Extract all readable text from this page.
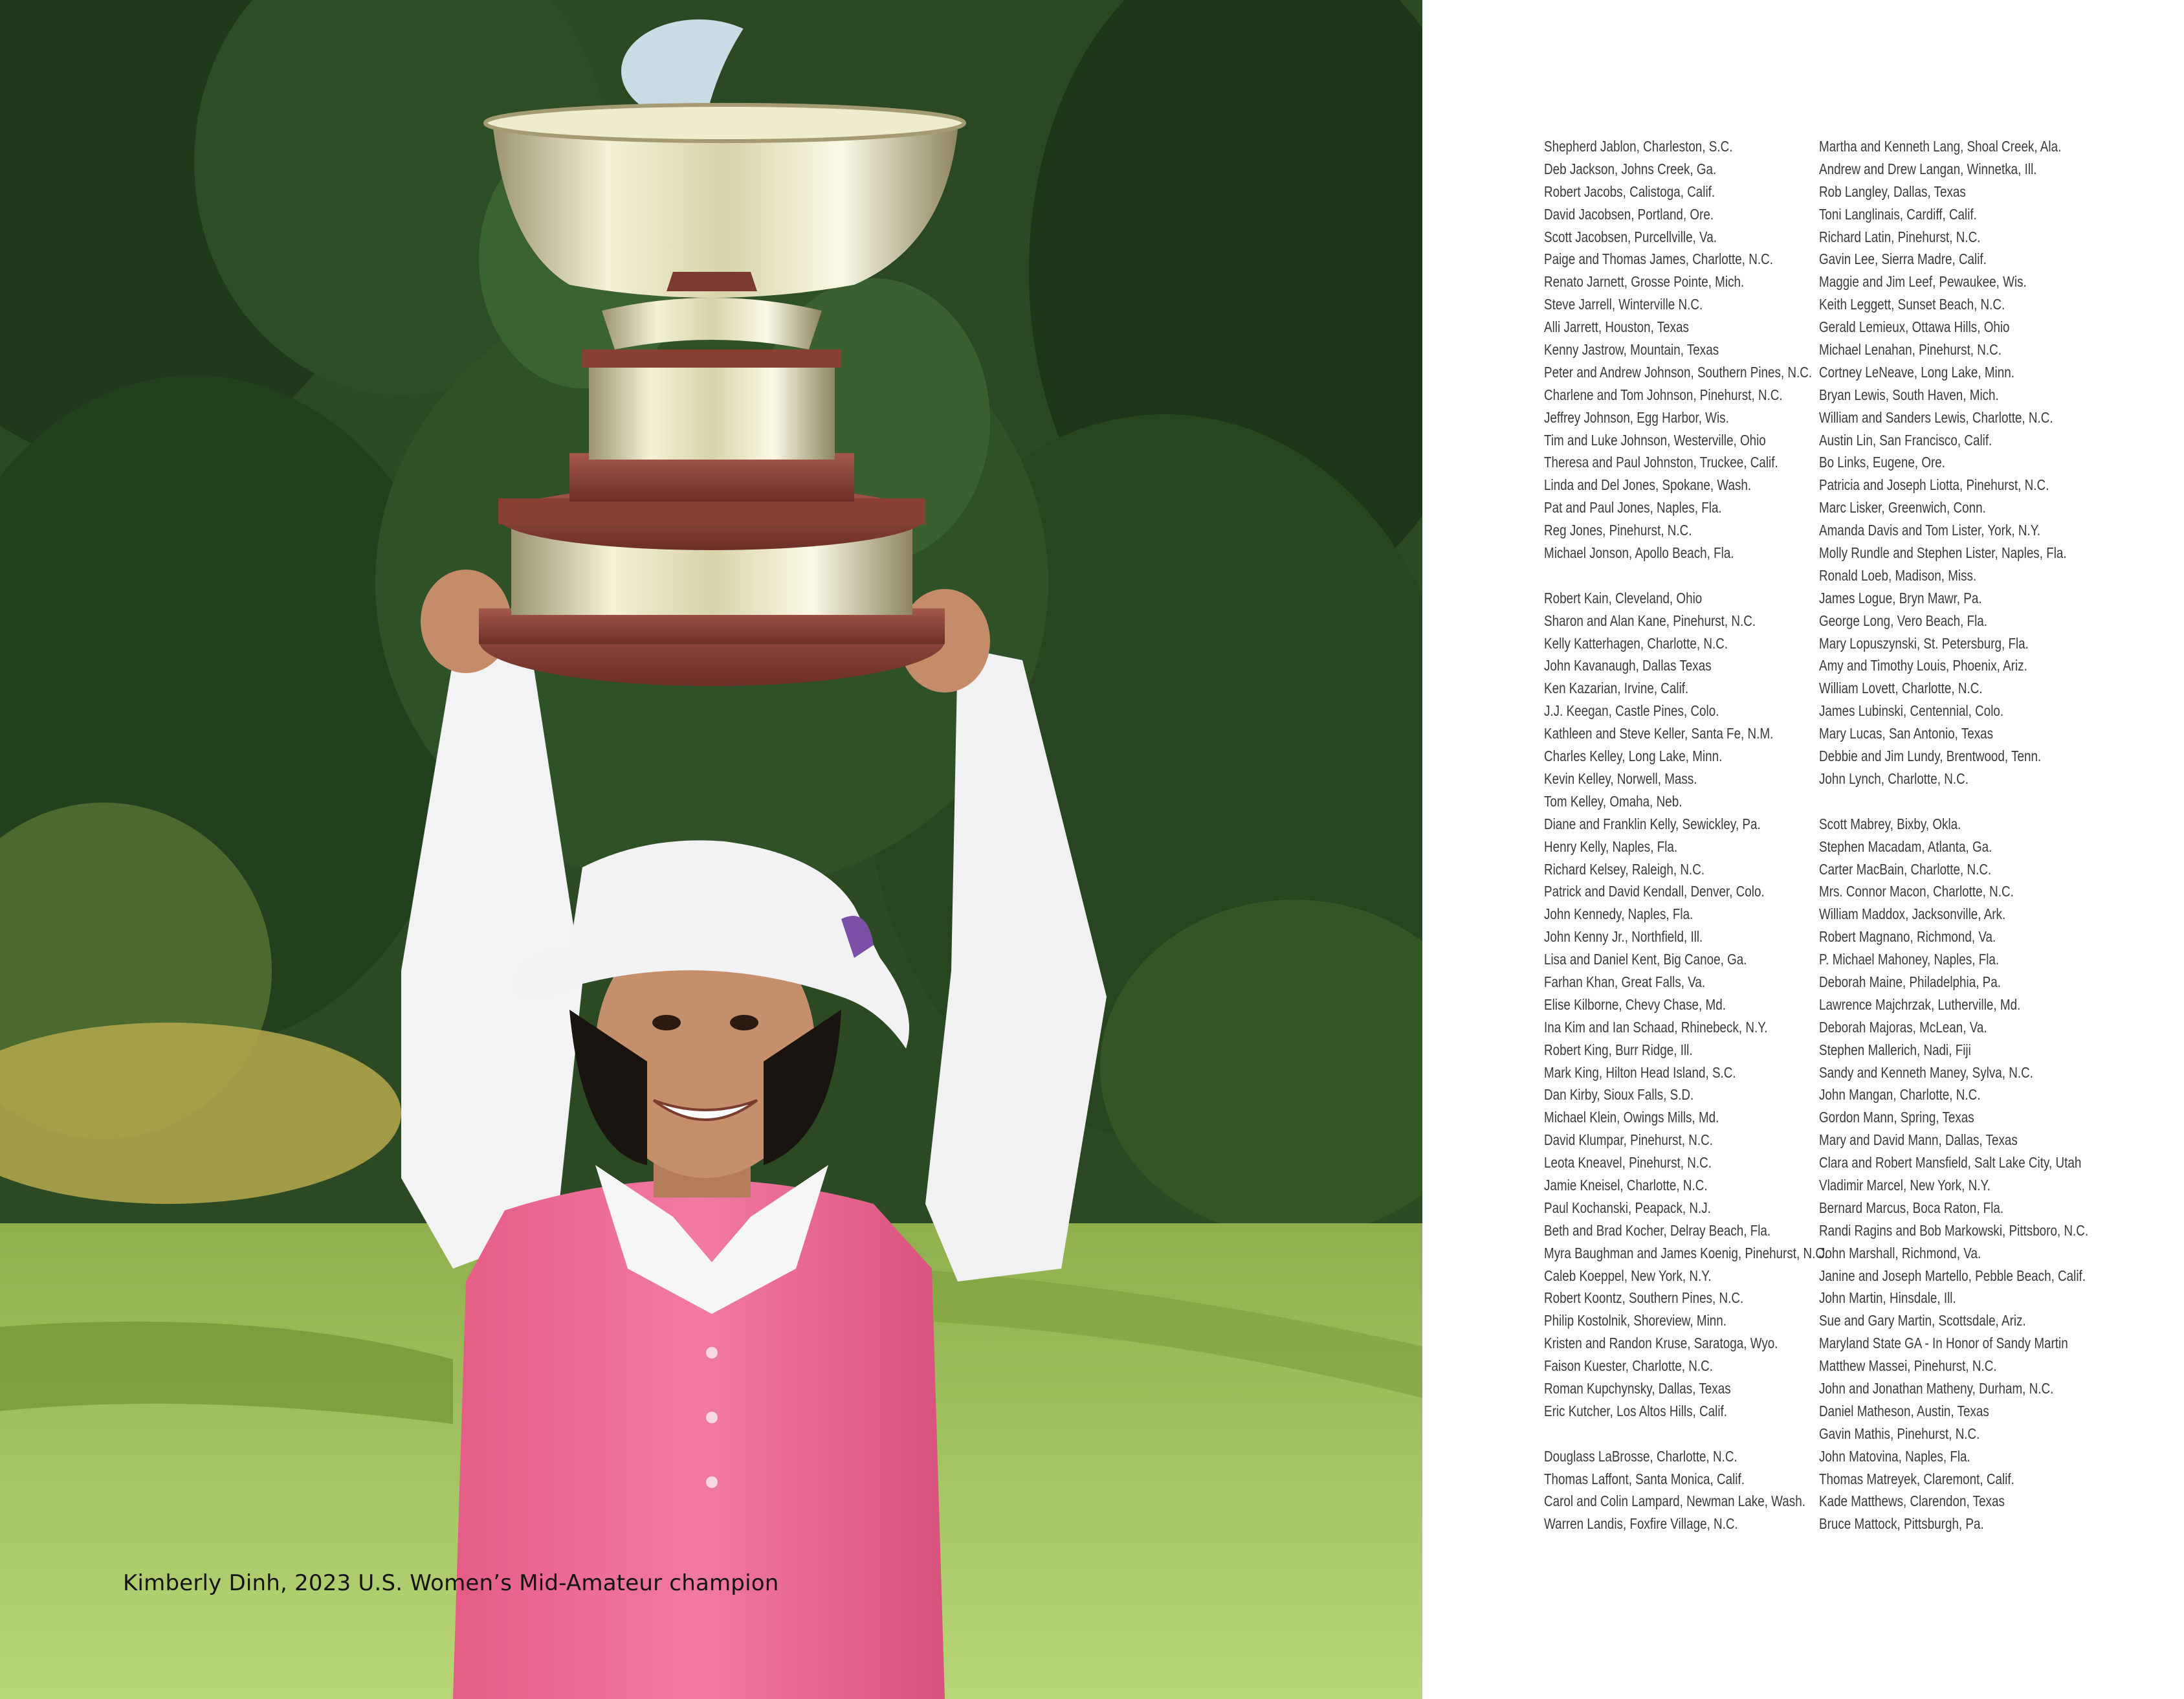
Kimberly Dinh, 2023 U.S. Women’s Mid-Amateur champion
Shepherd Jablon, Charleston, S.C.
Deb Jackson, Johns Creek, Ga.
Robert Jacobs, Calistoga, Calif.
David Jacobsen, Portland, Ore.
Scott Jacobsen, Purcellville, Va.
Paige and Thomas James, Charlotte, N.C.
Renato Jarnett, Grosse Pointe, Mich.
Steve Jarrell, Winterville N.C.
Alli Jarrett, Houston, Texas
Kenny Jastrow, Mountain, Texas
Peter and Andrew Johnson, Southern Pines, N.C.
Charlene and Tom Johnson, Pinehurst, N.C.
Jeffrey Johnson, Egg Harbor, Wis.
Tim and Luke Johnson, Westerville, Ohio
Theresa and Paul Johnston, Truckee, Calif.
Linda and Del Jones, Spokane, Wash.
Pat and Paul Jones, Naples, Fla.
Reg Jones, Pinehurst, N.C.
Michael Jonson, Apollo Beach, Fla.
Robert Kain, Cleveland, Ohio
Sharon and Alan Kane, Pinehurst, N.C.
Kelly Katterhagen, Charlotte, N.C.
John Kavanaugh, Dallas Texas
Ken Kazarian, Irvine, Calif.
J.J. Keegan, Castle Pines, Colo.
Kathleen and Steve Keller, Santa Fe, N.M.
Charles Kelley, Long Lake, Minn.
Kevin Kelley, Norwell, Mass.
Tom Kelley, Omaha, Neb.
Diane and Franklin Kelly, Sewickley, Pa.
Henry Kelly, Naples, Fla.
Richard Kelsey, Raleigh, N.C.
Patrick and David Kendall, Denver, Colo.
John Kennedy, Naples, Fla.
John Kenny Jr., Northfield, Ill.
Lisa and Daniel Kent, Big Canoe, Ga.
Farhan Khan, Great Falls, Va.
Elise Kilborne, Chevy Chase, Md.
Ina Kim and Ian Schaad, Rhinebeck, N.Y.
Robert King, Burr Ridge, Ill.
Mark King, Hilton Head Island, S.C.
Dan Kirby, Sioux Falls, S.D.
Michael Klein, Owings Mills, Md.
David Klumpar, Pinehurst, N.C.
Leota Kneavel, Pinehurst, N.C.
Jamie Kneisel, Charlotte, N.C.
Paul Kochanski, Peapack, N.J.
Beth and Brad Kocher, Delray Beach, Fla.
Myra Baughman and James Koenig, Pinehurst, N.C.
Caleb Koeppel, New York, N.Y.
Robert Koontz, Southern Pines, N.C.
Philip Kostolnik, Shoreview, Minn.
Kristen and Randon Kruse, Saratoga, Wyo.
Faison Kuester, Charlotte, N.C.
Roman Kupchynsky, Dallas, Texas
Eric Kutcher, Los Altos Hills, Calif.
Douglass LaBrosse, Charlotte, N.C.
Thomas Laffont, Santa Monica, Calif.
Carol and Colin Lampard, Newman Lake, Wash.
Warren Landis, Foxfire Village, N.C.
Martha and Kenneth Lang, Shoal Creek, Ala.
Andrew and Drew Langan, Winnetka, Ill.
Rob Langley, Dallas, Texas
Toni Langlinais, Cardiff, Calif.
Richard Latin, Pinehurst, N.C.
Gavin Lee, Sierra Madre, Calif.
Maggie and Jim Leef, Pewaukee, Wis.
Keith Leggett, Sunset Beach, N.C.
Gerald Lemieux, Ottawa Hills, Ohio
Michael Lenahan, Pinehurst, N.C.
Cortney LeNeave, Long Lake, Minn.
Bryan Lewis, South Haven, Mich.
William and Sanders Lewis, Charlotte, N.C.
Austin Lin, San Francisco, Calif.
Bo Links, Eugene, Ore.
Patricia and Joseph Liotta, Pinehurst, N.C.
Marc Lisker, Greenwich, Conn.
Amanda Davis and Tom Lister, York, N.Y.
Molly Rundle and Stephen Lister, Naples, Fla.
Ronald Loeb, Madison, Miss.
James Logue, Bryn Mawr, Pa.
George Long, Vero Beach, Fla.
Mary Lopuszynski, St. Petersburg, Fla.
Amy and Timothy Louis, Phoenix, Ariz.
William Lovett, Charlotte, N.C.
James Lubinski, Centennial, Colo.
Mary Lucas, San Antonio, Texas
Debbie and Jim Lundy, Brentwood, Tenn.
John Lynch, Charlotte, N.C.
Scott Mabrey, Bixby, Okla.
Stephen Macadam, Atlanta, Ga.
Carter MacBain, Charlotte, N.C.
Mrs. Connor Macon, Charlotte, N.C.
William Maddox, Jacksonville, Ark.
Robert Magnano, Richmond, Va.
P. Michael Mahoney, Naples, Fla.
Deborah Maine, Philadelphia, Pa.
Lawrence Majchrzak, Lutherville, Md.
Deborah Majoras, McLean, Va.
Stephen Mallerich, Nadi, Fiji
Sandy and Kenneth Maney, Sylva, N.C.
John Mangan, Charlotte, N.C.
Gordon Mann, Spring, Texas
Mary and David Mann, Dallas, Texas
Clara and Robert Mansfield, Salt Lake City, Utah
Vladimir Marcel, New York, N.Y.
Bernard Marcus, Boca Raton, Fla.
Randi Ragins and Bob Markowski, Pittsboro, N.C.
John Marshall, Richmond, Va.
Janine and Joseph Martello, Pebble Beach, Calif.
John Martin, Hinsdale, Ill.
Sue and Gary Martin, Scottsdale, Ariz.
Maryland State GA - In Honor of Sandy Martin
Matthew Massei, Pinehurst, N.C.
John and Jonathan Matheny, Durham, N.C.
Daniel Matheson, Austin, Texas
Gavin Mathis, Pinehurst, N.C.
John Matovina, Naples, Fla.
Thomas Matreyek, Claremont, Calif.
Kade Matthews, Clarendon, Texas
Bruce Mattock, Pittsburgh, Pa.
